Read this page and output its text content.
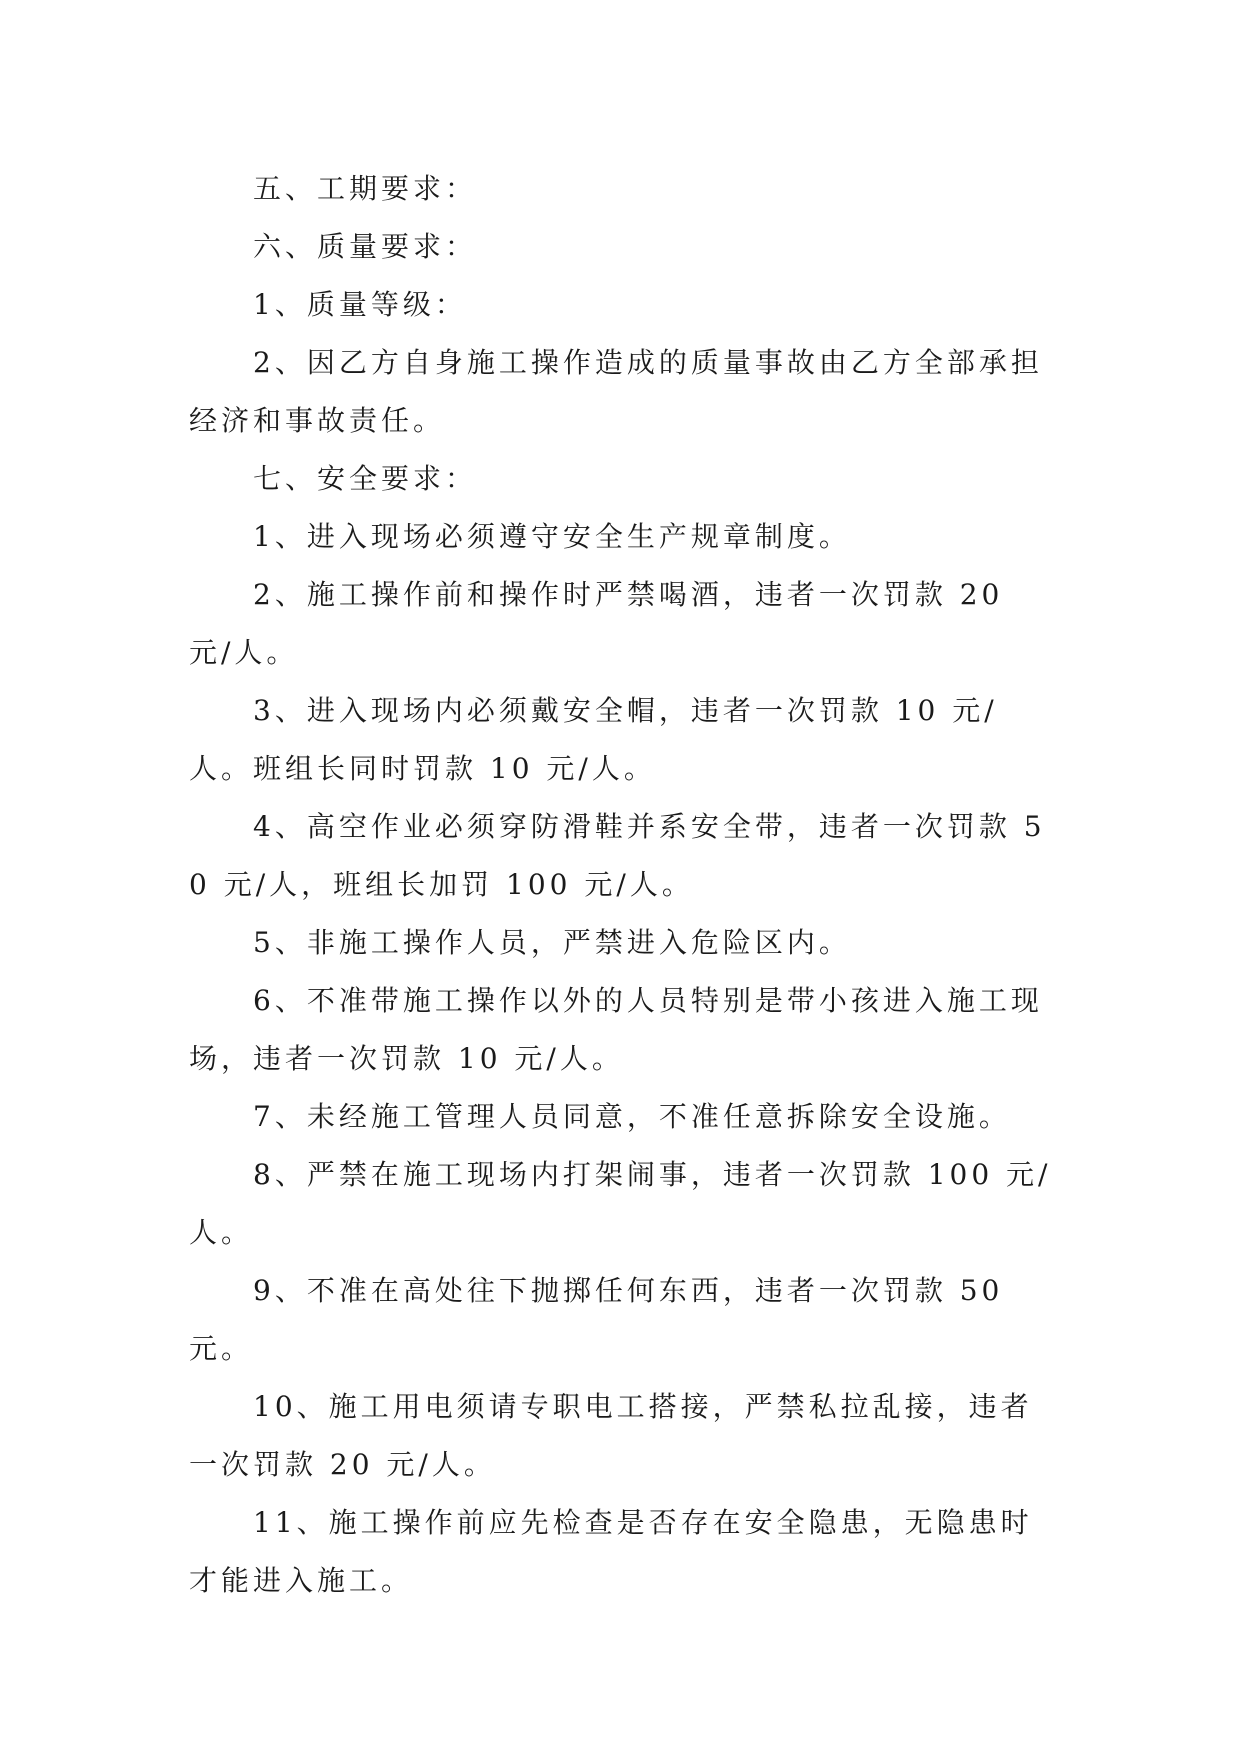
五、工期要求：

六、质量要求：

1、质量等级：

2、因乙方自身施工操作造成的质量事故由乙方全部承担经济和事故责任。

七、安全要求：

1、进入现场必须遵守安全生产规章制度。

2、施工操作前和操作时严禁喝酒，违者一次罚款 20 元/人。

3、进入现场内必须戴安全帽，违者一次罚款 10 元/人。班组长同时罚款 10 元/人。

4、高空作业必须穿防滑鞋并系安全带，违者一次罚款 50 元/人，班组长加罚 100 元/人。

5、非施工操作人员，严禁进入危险区内。

6、不准带施工操作以外的人员特别是带小孩进入施工现场，违者一次罚款 10 元/人。

7、未经施工管理人员同意，不准任意拆除安全设施。

8、严禁在施工现场内打架闹事，违者一次罚款 100 元/人。

9、不准在高处往下抛掷任何东西，违者一次罚款 50 元。

10、施工用电须请专职电工搭接，严禁私拉乱接，违者一次罚款 20 元/人。

11、施工操作前应先检查是否存在安全隐患，无隐患时才能进入施工。
